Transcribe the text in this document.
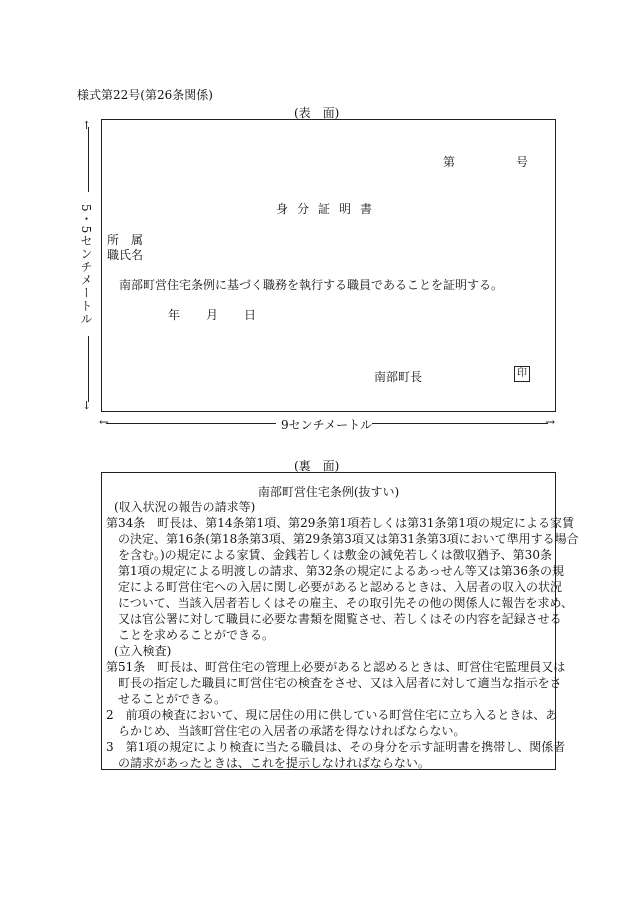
様式第22号(第26条関係)
(表　面)
↑
5・5センチメートル
↓
第	号
身分証明書
所　属
職氏名
南部町営住宅条例に基づく職務を執行する職員であることを証明する。
年 月 日
南部町長	印
←	9センチメートル	→
(裏　面)
南部町営住宅条例(抜すい)
(収入状況の報告の請求等)
第34条　町長は、第14条第1項、第29条第1項若しくは第31条第1項の規定による家賃
の決定、第16条(第18条第3項、第29条第3項又は第31条第3項において準用する場合
を含む。)の規定による家賃、金銭若しくは敷金の減免若しくは徴収猶予、第30条
第1項の規定による明渡しの請求、第32条の規定によるあっせん等又は第36条の規
定による町営住宅への入居に関し必要があると認めるときは、入居者の収入の状況
について、当該入居者若しくはその雇主、その取引先その他の関係人に報告を求め、
又は官公署に対して職員に必要な書類を閲覧させ、若しくはその内容を記録させる
ことを求めることができる。
(立入検査)
第51条　町長は、町営住宅の管理上必要があると認めるときは、町営住宅監理員又は
町長の指定した職員に町営住宅の検査をさせ、又は入居者に対して適当な指示をさ
せることができる。
2　前項の検査において、現に居住の用に供している町営住宅に立ち入るときは、あ
らかじめ、当該町営住宅の入居者の承諾を得なければならない。
3　第1項の規定により検査に当たる職員は、その身分を示す証明書を携帯し、関係者
の請求があったときは、これを提示しなければならない。
